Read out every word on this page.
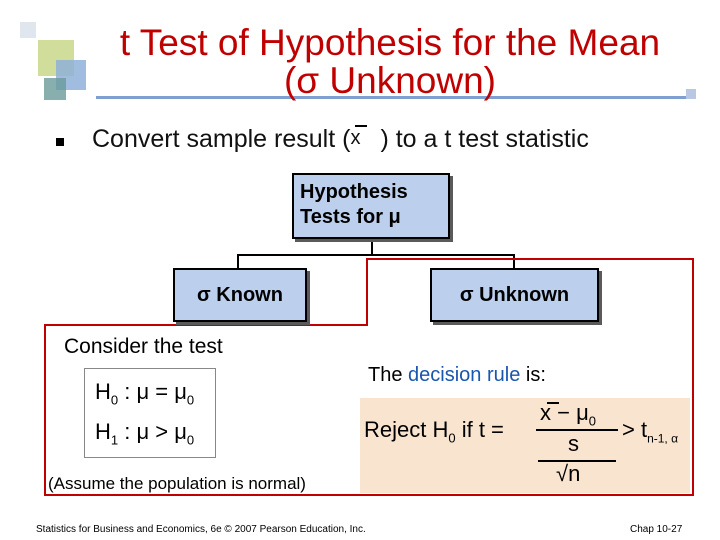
t Test of Hypothesis for the Mean
(σ Unknown)
Convert sample result (
x ) to a t test statistic
Hypothesis
Tests for μ
σ Known	σ Unknown
Consider the test
$H_0$ : $\mu = \mu_0$
$H_1$ : $\mu > \mu_0$
(Assume the population is normal)
The decision rule is:
Reject $H_0$ if t =
$x - \mu_0$
s
√n
> $t_{n-1, \alpha}$
Statistics for Business and Economics, 6e © 2007 Pearson Education, Inc.	Chap 10-27
